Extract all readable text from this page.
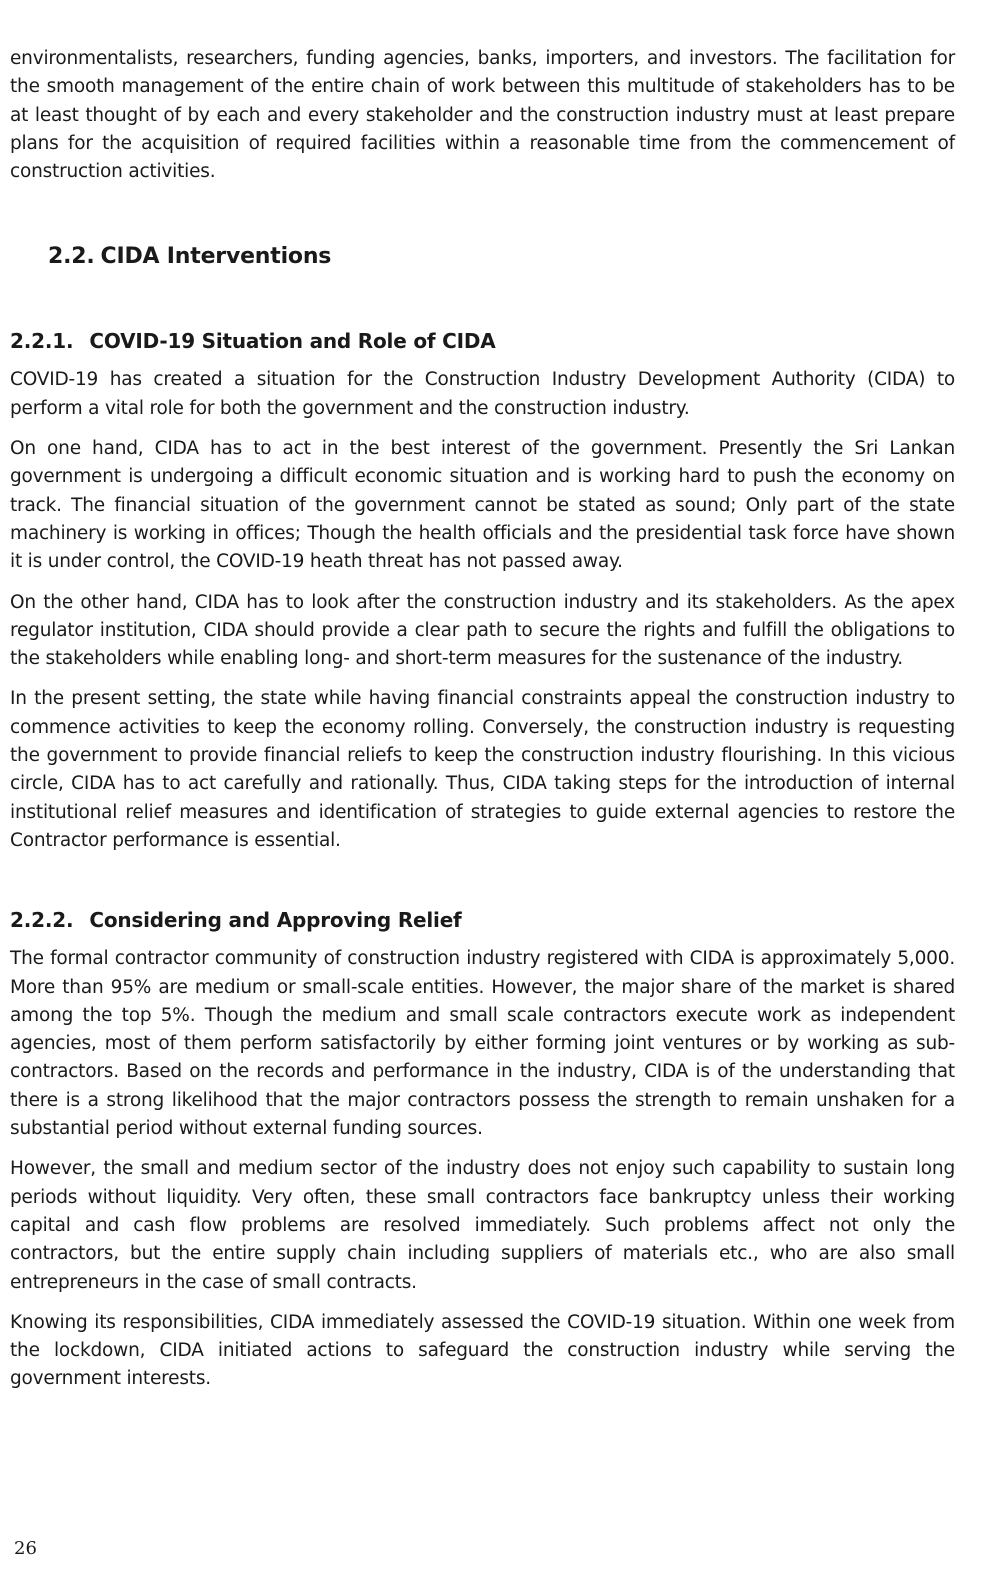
environmentalists, researchers, funding agencies, banks, importers, and investors. The facilitation for the smooth management of the entire chain of work between this multitude of stakeholders has to be at least thought of by each and every stakeholder and the construction industry must at least prepare plans for the acquisition of required facilities within a reasonable time from the commencement of construction activities.

2.2. CIDA Interventions
2.2.1. COVID-19 Situation and Role of CIDA

COVID-19 has created a situation for the Construction Industry Development Authority (CIDA) to perform a vital role for both the government and the construction industry.

On one hand, CIDA has to act in the best interest of the government. Presently the Sri Lankan government is undergoing a difficult economic situation and is working hard to push the economy on track. The financial situation of the government cannot be stated as sound; Only part of the state machinery is working in offices; Though the health officials and the presidential task force have shown it is under control, the COVID-19 heath threat has not passed away.

On the other hand, CIDA has to look after the construction industry and its stakeholders. As the apex regulator institution, CIDA should provide a clear path to secure the rights and fulfill the obligations to the stakeholders while enabling long- and short-term measures for the sustenance of the industry.

In the present setting, the state while having financial constraints appeal the construction industry to commence activities to keep the economy rolling. Conversely, the construction industry is requesting the government to provide financial reliefs to keep the construction industry flourishing. In this vicious circle, CIDA has to act carefully and rationally. Thus, CIDA taking steps for the introduction of internal institutional relief measures and identification of strategies to guide external agencies to restore the Contractor performance is essential.

2.2.2. Considering and Approving Relief

The formal contractor community of construction industry registered with CIDA is approximately 5,000. More than 95% are medium or small-scale entities. However, the major share of the market is shared among the top 5%. Though the medium and small scale contractors execute work as independent agencies, most of them perform satisfactorily by either forming joint ventures or by working as sub-contractors. Based on the records and performance in the industry, CIDA is of the understanding that there is a strong likelihood that the major contractors possess the strength to remain unshaken for a substantial period without external funding sources.

However, the small and medium sector of the industry does not enjoy such capability to sustain long periods without liquidity. Very often, these small contractors face bankruptcy unless their working capital and cash flow problems are resolved immediately. Such problems affect not only the contractors, but the entire supply chain including suppliers of materials etc., who are also small entrepreneurs in the case of small contracts.

Knowing its responsibilities, CIDA immediately assessed the COVID-19 situation. Within one week from the lockdown, CIDA initiated actions to safeguard the construction industry while serving the government interests.

26
